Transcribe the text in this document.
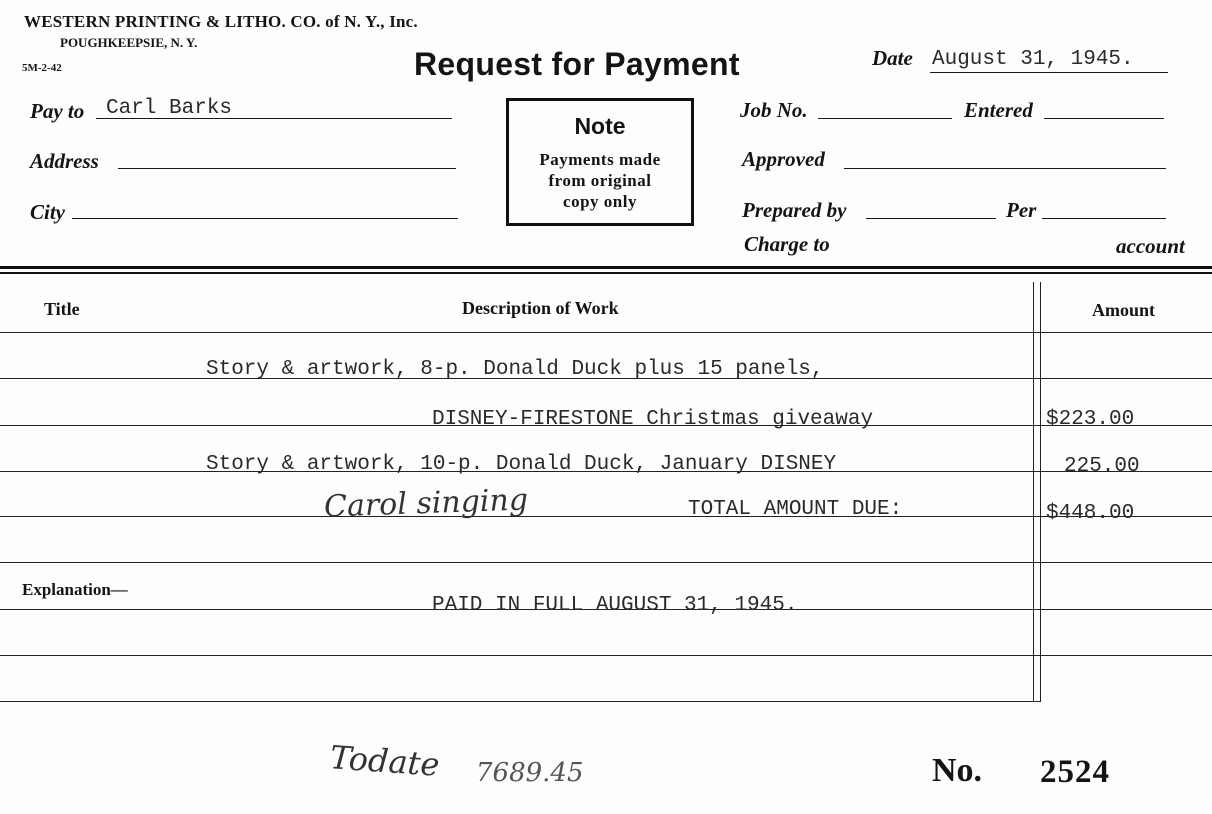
WESTERN PRINTING & LITHO. CO. of N. Y., Inc.
POUGHKEEPSIE, N. Y.
5M-2-42	Request for Payment	Date August 31, 1945.
Pay to Carl Barks
Address
City
Note
Payments made
from original
copy only
Job No.	Entered
Approved
Prepared by	Per
Charge to	account
Title	Description of Work	Amount
Story & artwork, 8-p. Donald Duck plus 15 panels,
DISNEY-FIRESTONE Christmas giveaway	$223.00
Story & artwork, 10-p. Donald Duck, January DISNEY	225.00
Carol singing	TOTAL AMOUNT DUE:	$448.00
Explanation—
PAID IN FULL AUGUST 31, 1945.
Todate 7689.45	No. 2524
